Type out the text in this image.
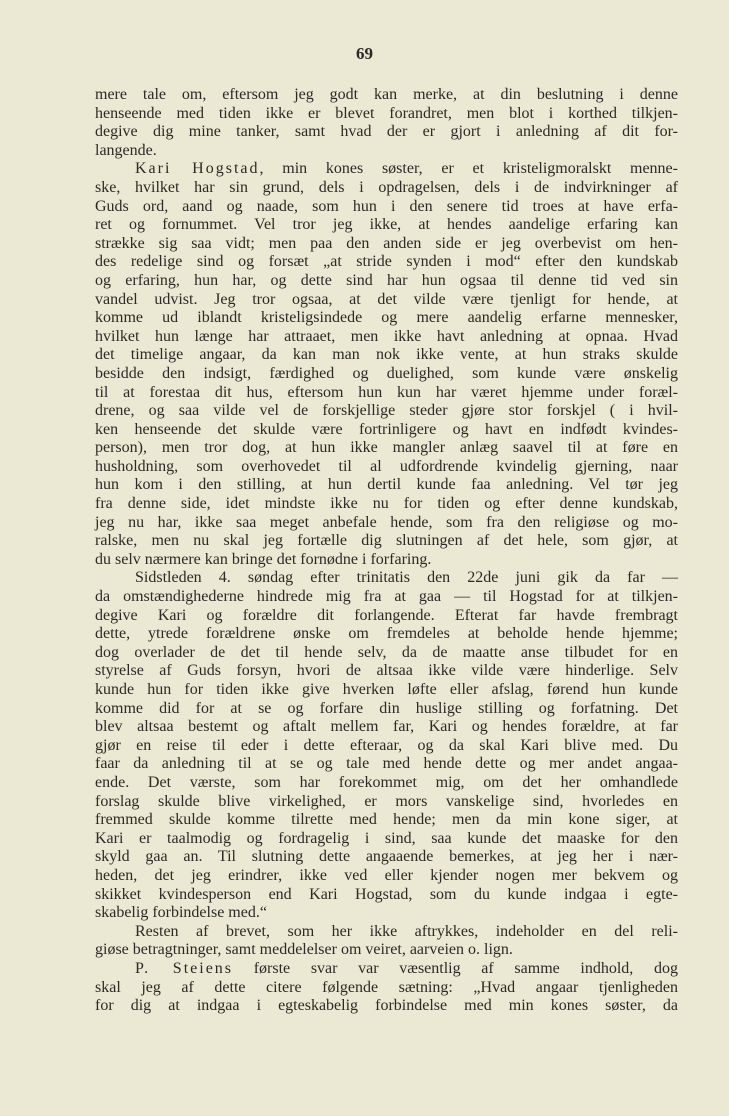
69
mere tale om, eftersom jeg godt kan merke, at din beslutning i denne
henseende med tiden ikke er blevet forandret, men blot i korthed tilkjen-
degive dig mine tanker, samt hvad der er gjort i anledning af dit for-
langende.
Kari Hogstad, min kones søster, er et kristeligmoralskt menne-
ske, hvilket har sin grund, dels i opdragelsen, dels i de indvirkninger af
Guds ord, aand og naade, som hun i den senere tid troes at have erfa-
ret og fornummet. Vel tror jeg ikke, at hendes aandelige erfaring kan
strække sig saa vidt; men paa den anden side er jeg overbevist om hen-
des redelige sind og forsæt „at stride synden i mod“ efter den kundskab
og erfaring, hun har, og dette sind har hun ogsaa til denne tid ved sin
vandel udvist. Jeg tror ogsaa, at det vilde være tjenligt for hende, at
komme ud iblandt kristeligsindede og mere aandelig erfarne mennesker,
hvilket hun længe har attraaet, men ikke havt anledning at opnaa. Hvad
det timelige angaar, da kan man nok ikke vente, at hun straks skulde
besidde den indsigt, færdighed og duelighed, som kunde være ønskelig
til at forestaa dit hus, eftersom hun kun har været hjemme under foræl-
drene, og saa vilde vel de forskjellige steder gjøre stor forskjel ( i hvil-
ken henseende det skulde være fortrinligere og havt en indfødt kvindes-
person), men tror dog, at hun ikke mangler anlæg saavel til at føre en
husholdning, som overhovedet til al udfordrende kvindelig gjerning, naar
hun kom i den stilling, at hun dertil kunde faa anledning. Vel tør jeg
fra denne side, idet mindste ikke nu for tiden og efter denne kundskab,
jeg nu har, ikke saa meget anbefale hende, som fra den religiøse og mo-
ralske, men nu skal jeg fortælle dig slutningen af det hele, som gjør, at
du selv nærmere kan bringe det fornødne i forfaring.
Sidstleden 4. søndag efter trinitatis den 22de juni gik da far —
da omstændighederne hindrede mig fra at gaa — til Hogstad for at tilkjen-
degive Kari og forældre dit forlangende. Efterat far havde frembragt
dette, ytrede forældrene ønske om fremdeles at beholde hende hjemme;
dog overlader de det til hende selv, da de maatte anse tilbudet for en
styrelse af Guds forsyn, hvori de altsaa ikke vilde være hinderlige. Selv
kunde hun for tiden ikke give hverken løfte eller afslag, førend hun kunde
komme did for at se og forfare din huslige stilling og forfatning. Det
blev altsaa bestemt og aftalt mellem far, Kari og hendes forældre, at far
gjør en reise til eder i dette efteraar, og da skal Kari blive med. Du
faar da anledning til at se og tale med hende dette og mer andet angaa-
ende. Det værste, som har forekommet mig, om det her omhandlede
forslag skulde blive virkelighed, er mors vanskelige sind, hvorledes en
fremmed skulde komme tilrette med hende; men da min kone siger, at
Kari er taalmodig og fordragelig i sind, saa kunde det maaske for den
skyld gaa an. Til slutning dette angaaende bemerkes, at jeg her i nær-
heden, det jeg erindrer, ikke ved eller kjender nogen mer bekvem og
skikket kvindesperson end Kari Hogstad, som du kunde indgaa i egte-
skabelig forbindelse med.“
Resten af brevet, som her ikke aftrykkes, indeholder en del reli-
giøse betragtninger, samt meddelelser om veiret, aarveien o. lign.
P. Steiens første svar var væsentlig af samme indhold, dog
skal jeg af dette citere følgende sætning: „Hvad angaar tjenligheden
for dig at indgaa i egteskabelig forbindelse med min kones søster, da
